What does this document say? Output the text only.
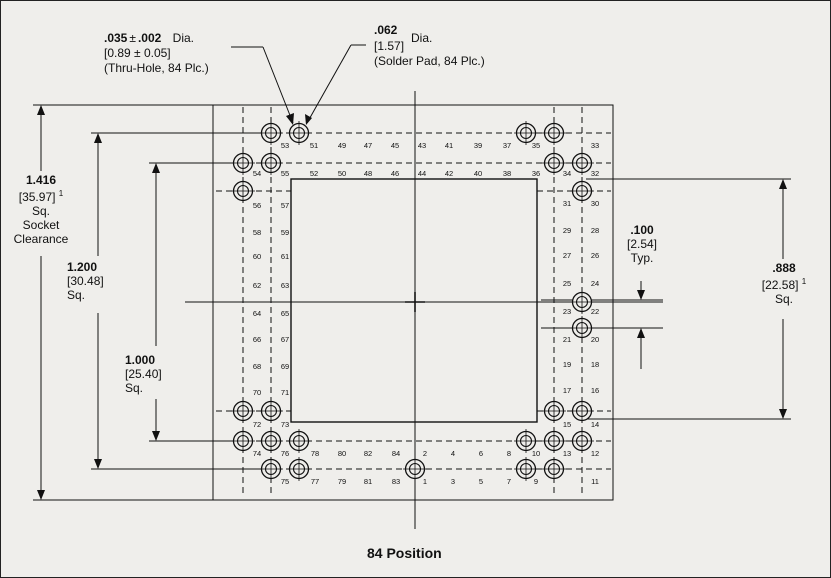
51	49 47 45 43 41	39	37	35
52	50 48 46 44 42	40	38	36
78 80 82	84	2	4	6	8	10
77 79 81	83	1	3	5	7	9
53
54
56
58
60
62
64
66
68
70
72
74
75
55
57
59
61
63
65
67
69
71
73
76
34
31
29
27
25
23
21
19
17
15
13
33
32
30
28
26
24
22
20
18
16
14
12
11
.035 ± .002 Dia.
[0.89 ± 0.05]
(Thru-Hole, 84 Plc.)
.062
Dia.
[1.57]
(Solder Pad, 84 Plc.)
1.416
[35.97] $^1$
Sq.
Socket
Clearance
1.200
[30.48]
Sq.
1.000
[25.40]
Sq.
.100
[2.54]
Typ.
.888
[22.58] $^1$
Sq.
84 Position
